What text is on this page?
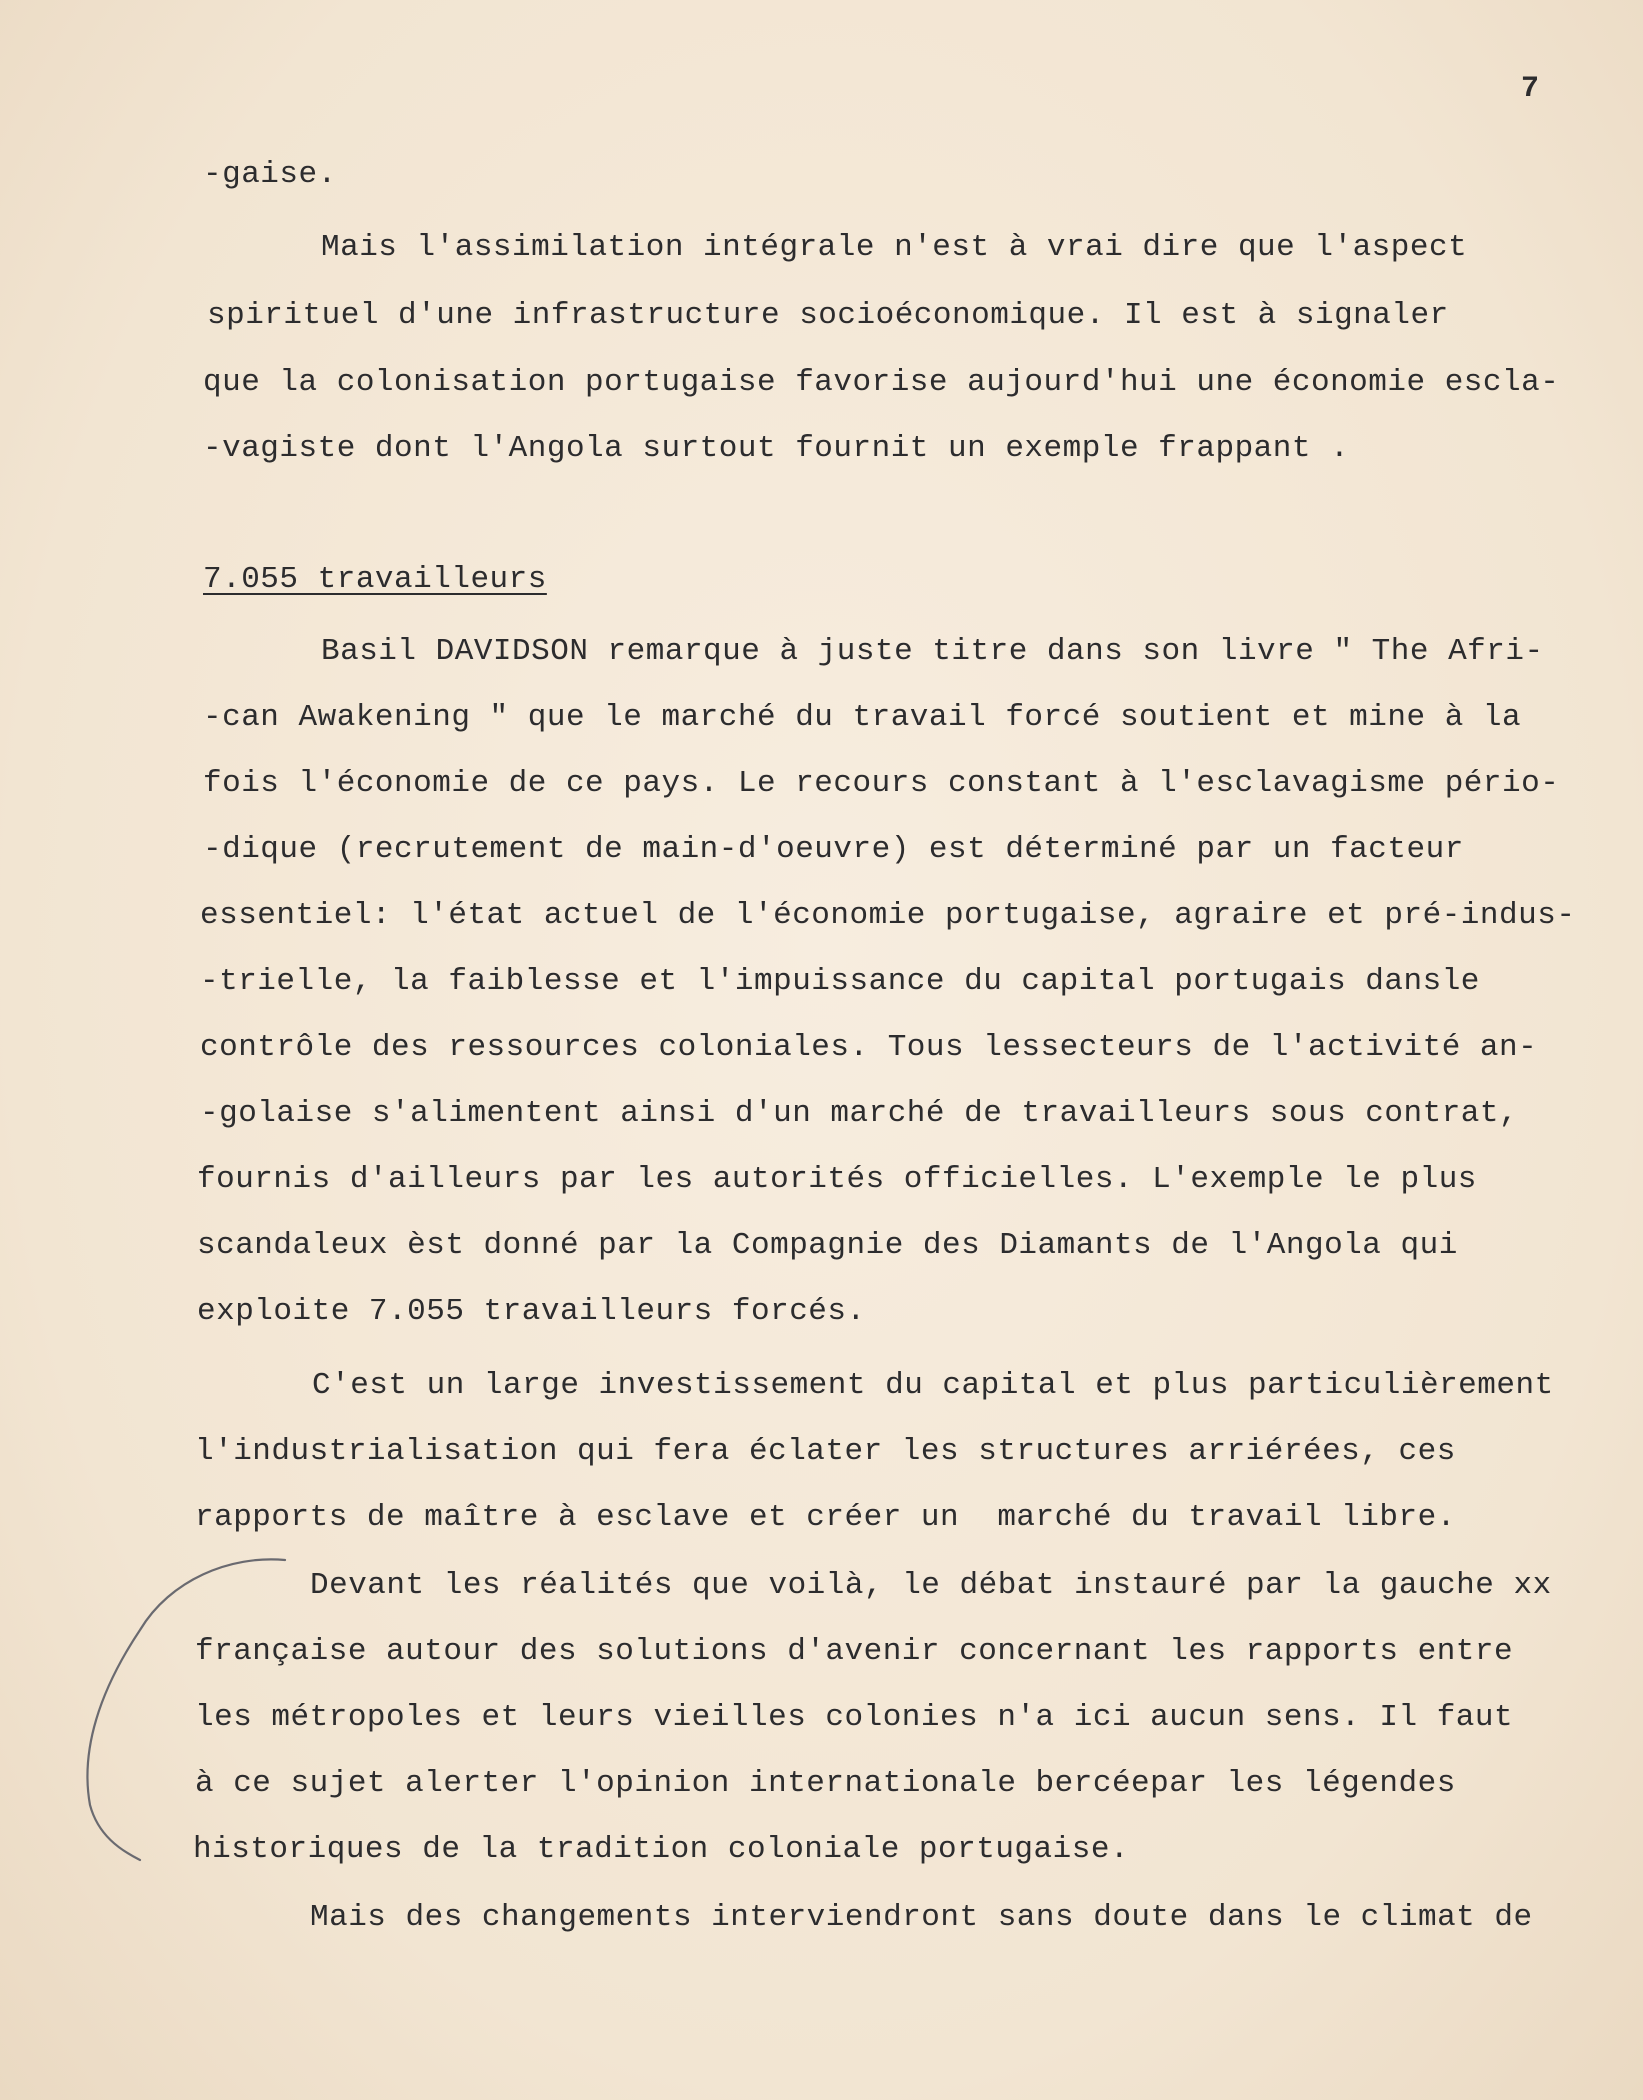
7
-gaise.
Mais l'assimilation intégrale n'est à vrai dire que l'aspect
spirituel d'une infrastructure socioéconomique. Il est à signaler
que la colonisation portugaise favorise aujourd'hui une économie escla-
-vagiste dont l'Angola surtout fournit un exemple frappant .
7.055 travailleurs
Basil DAVIDSON remarque à juste titre dans son livre " The Afri-
-can Awakening " que le marché du travail forcé soutient et mine à la
fois l'économie de ce pays. Le recours constant à l'esclavagisme pério-
-dique (recrutement de main-d'oeuvre) est déterminé par un facteur
essentiel: l'état actuel de l'économie portugaise, agraire et pré-indus-
-trielle, la faiblesse et l'impuissance du capital portugais dansle
contrôle des ressources coloniales. Tous lessecteurs de l'activité an-
-golaise s'alimentent ainsi d'un marché de travailleurs sous contrat,
fournis d'ailleurs par les autorités officielles. L'exemple le plus
scandaleux èst donné par la Compagnie des Diamants de l'Angola qui
exploite 7.055 travailleurs forcés.
C'est un large investissement du capital et plus particulièrement
l'industrialisation qui fera éclater les structures arriérées, ces
rapports de maître à esclave et créer un  marché du travail libre.
Devant les réalités que voilà, le débat instauré par la gauche xx
française autour des solutions d'avenir concernant les rapports entre
les métropoles et leurs vieilles colonies n'a ici aucun sens. Il faut
à ce sujet alerter l'opinion internationale bercéepar les légendes
historiques de la tradition coloniale portugaise.
Mais des changements interviendront sans doute dans le climat de
